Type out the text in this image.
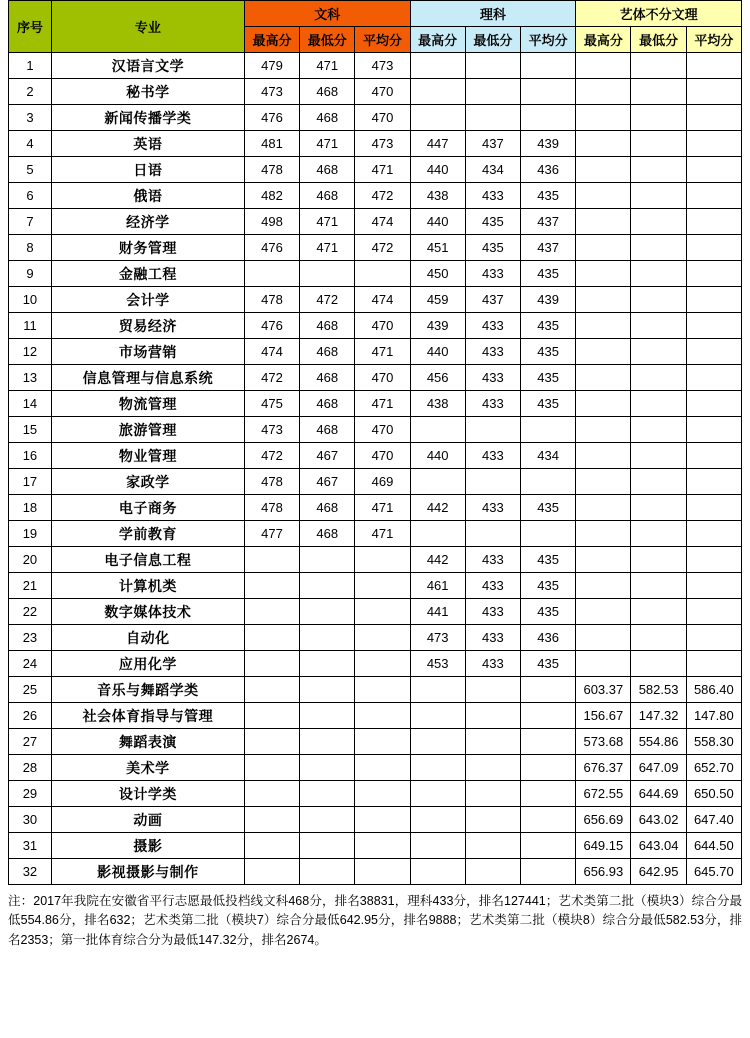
序号	专业	文科			理科			艺体不分文理		
		最高分	最低分	平均分	最高分	最低分	平均分	最高分	最低分	平均分
1	汉语言文学	479	471	473						
2	秘书学	473	468	470						
3	新闻传播学类	476	468	470						
4	英语	481	471	473	447	437	439			
5	日语	478	468	471	440	434	436			
6	俄语	482	468	472	438	433	435			
7	经济学	498	471	474	440	435	437			
8	财务管理	476	471	472	451	435	437			
9	金融工程				450	433	435			
10	会计学	478	472	474	459	437	439			
11	贸易经济	476	468	470	439	433	435			
12	市场营销	474	468	471	440	433	435			
13	信息管理与信息系统	472	468	470	456	433	435			
14	物流管理	475	468	471	438	433	435			
15	旅游管理	473	468	470						
16	物业管理	472	467	470	440	433	434			
17	家政学	478	467	469						
18	电子商务	478	468	471	442	433	435			
19	学前教育	477	468	471						
20	电子信息工程				442	433	435			
21	计算机类				461	433	435			
22	数字媒体技术				441	433	435			
23	自动化				473	433	436			
24	应用化学				453	433	435			
25	音乐与舞蹈学类							603.37	582.53	586.40
26	社会体育指导与管理							156.67	147.32	147.80
27	舞蹈表演							573.68	554.86	558.30
28	美术学							676.37	647.09	652.70
29	设计学类							672.55	644.69	650.50
30	动画							656.69	643.02	647.40
31	摄影							649.15	643.04	644.50
32	影视摄影与制作							656.93	642.95	645.70
注：2017年我院在安徽省平行志愿最低投档线文科468分，排名38831，理科433分，排名127441；艺术类第二批（模块3）综合分最低554.86分，排名632；艺术类第二批（模块7）综合分最低642.95分，排名9888；艺术类第二批（模块8）综合分最低582.53分，排名2353；第一批体育综合分为最低147.32分，排名2674。
